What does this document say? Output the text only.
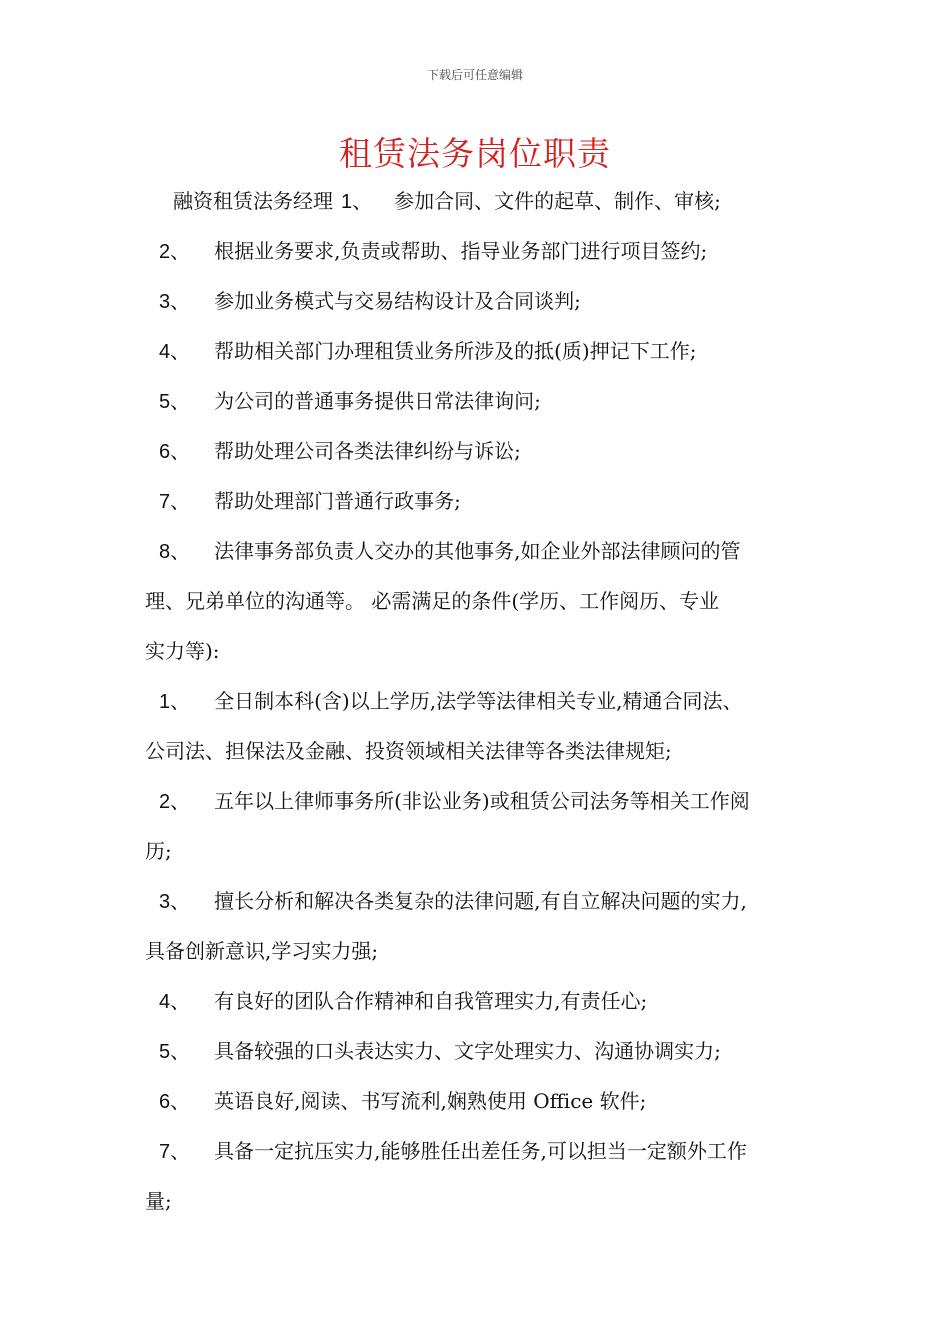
下载后可任意编辑
租赁法务岗位职责
融资租赁法务经理 1、 参加合同、文件的起草、制作、审核;
2、 根据业务要求,负责或帮助、指导业务部门进行项目签约;
3、 参加业务模式与交易结构设计及合同谈判;
4、 帮助相关部门办理租赁业务所涉及的抵(质)押记下工作;
5、 为公司的普通事务提供日常法律询问;
6、 帮助处理公司各类法律纠纷与诉讼;
7、 帮助处理部门普通行政事务;
8、 法律事务部负责人交办的其他事务,如企业外部法律顾问的管
理、兄弟单位的沟通等。 必需满足的条件(学历、工作阅历、专业
实力等):
1、 全日制本科(含)以上学历,法学等法律相关专业,精通合同法、
公司法、担保法及金融、投资领域相关法律等各类法律规矩;
2、 五年以上律师事务所(非讼业务)或租赁公司法务等相关工作阅
历;
3、 擅长分析和解决各类复杂的法律问题,有自立解决问题的实力,
具备创新意识,学习实力强;
4、 有良好的团队合作精神和自我管理实力,有责任心;
5、 具备较强的口头表达实力、文字处理实力、沟通协调实力;
6、 英语良好,阅读、书写流利,娴熟使用 Office 软件;
7、 具备一定抗压实力,能够胜任出差任务,可以担当一定额外工作
量;
